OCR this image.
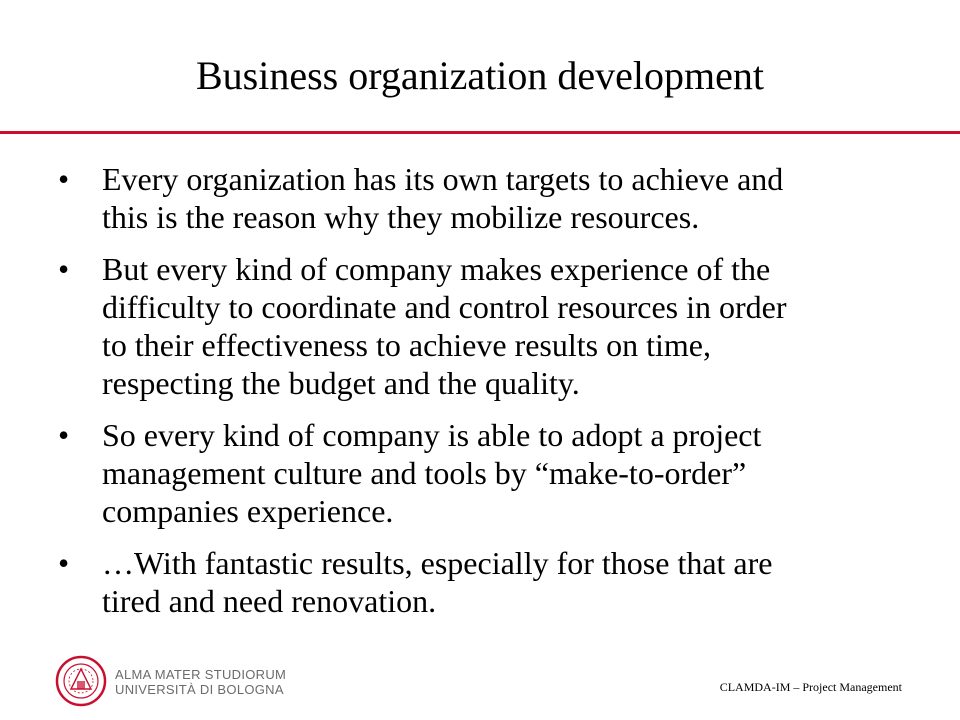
Business organization development
•	Every organization has its own targets to achieve and
this is the reason why they mobilize resources.
•	But every kind of company makes experience of the
difficulty to coordinate and control resources in order
to their effectiveness to achieve results on time,
respecting the budget and the quality.
•	So every kind of company is able to adopt a project
management culture and tools by “make-to-order”
companies experience.
•	…With fantastic results, especially for those that are
tired and need renovation.
ALMA MATER STUDIORUM
UNIVERSITÀ DI BOLOGNA	CLAMDA-IM – Project Management
